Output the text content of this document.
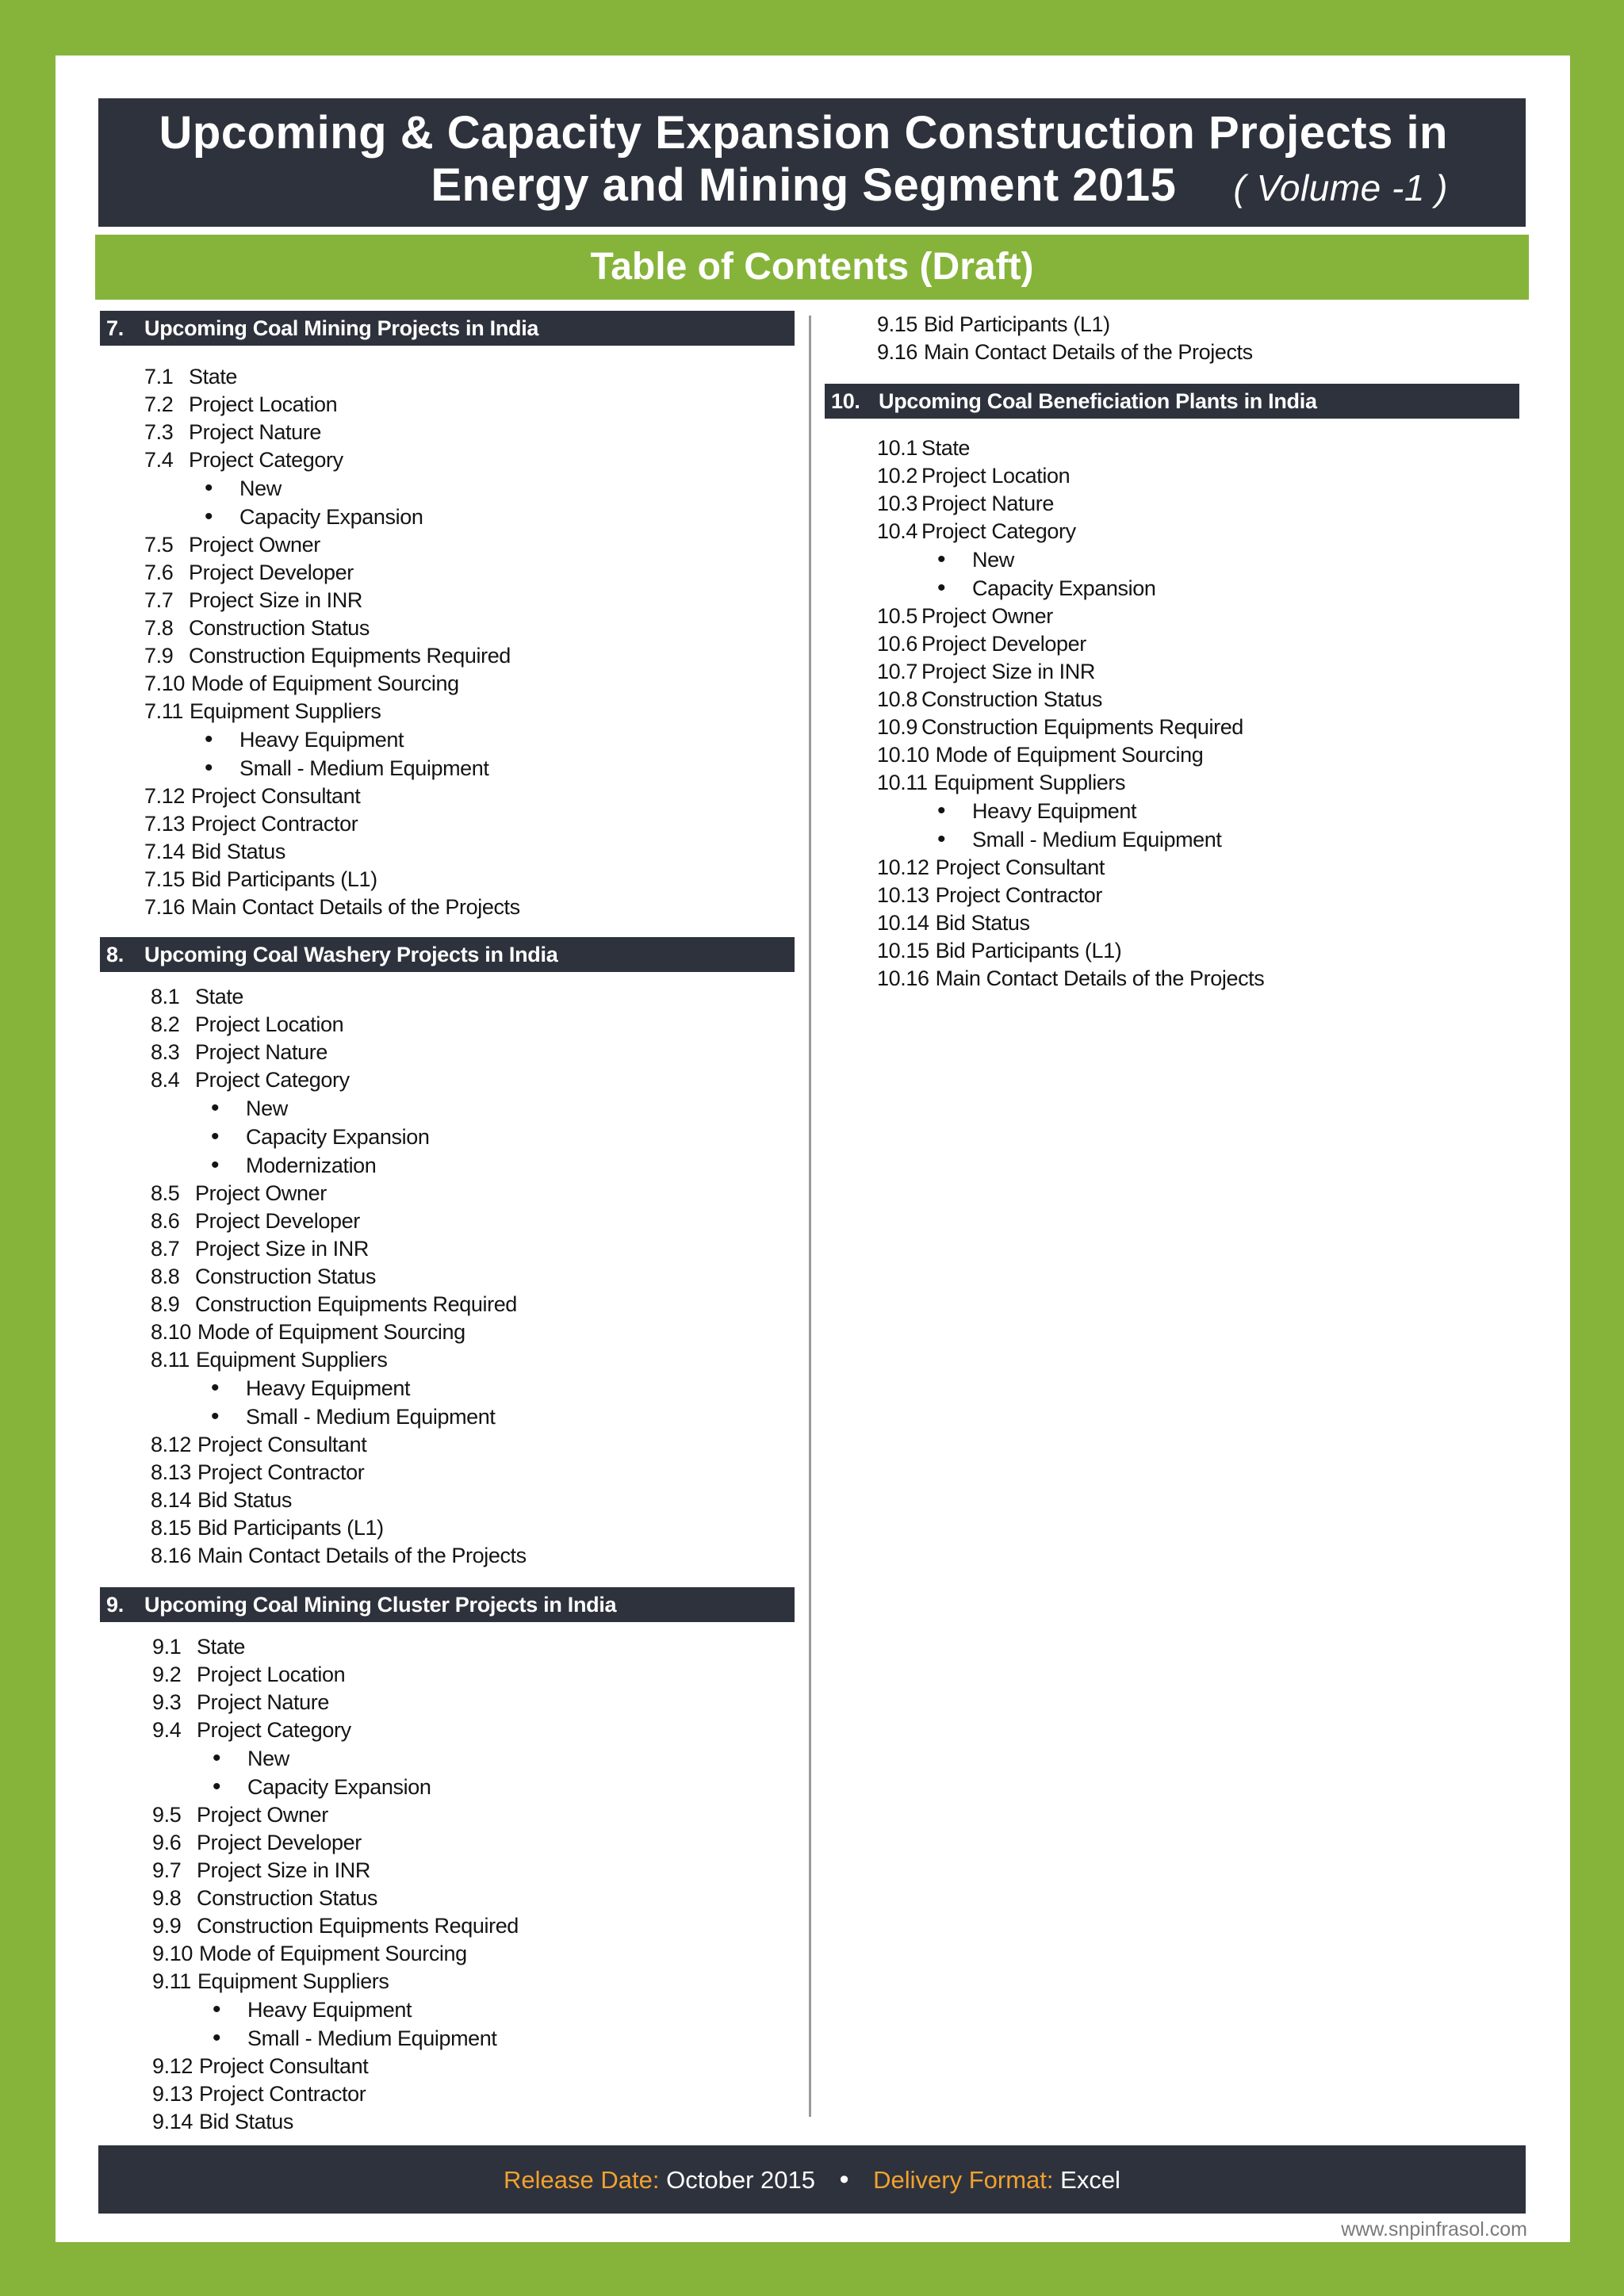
Upcoming & Capacity Expansion Construction Projects in
Energy and Mining Segment 2015 ( Volume -1 )
Table of Contents (Draft)
7. Upcoming Coal Mining Projects in India
7.1 State
7.2 Project Location
7.3 Project Nature
7.4 Project Category
• New
• Capacity Expansion
7.5 Project Owner
7.6 Project Developer
7.7 Project Size in INR
7.8 Construction Status
7.9 Construction Equipments Required
7.10 Mode of Equipment Sourcing
7.11 Equipment Suppliers
• Heavy Equipment
• Small - Medium Equipment
7.12 Project Consultant
7.13 Project Contractor
7.14 Bid Status
7.15 Bid Participants (L1)
7.16 Main Contact Details of the Projects
8. Upcoming Coal Washery Projects in India
8.1 State
8.2 Project Location
8.3 Project Nature
8.4 Project Category
• New
• Capacity Expansion
• Modernization
8.5 Project Owner
8.6 Project Developer
8.7 Project Size in INR
8.8 Construction Status
8.9 Construction Equipments Required
8.10 Mode of Equipment Sourcing
8.11 Equipment Suppliers
• Heavy Equipment
• Small - Medium Equipment
8.12 Project Consultant
8.13 Project Contractor
8.14 Bid Status
8.15 Bid Participants (L1)
8.16 Main Contact Details of the Projects
9. Upcoming Coal Mining Cluster Projects in India
9.1 State
9.2 Project Location
9.3 Project Nature
9.4 Project Category
• New
• Capacity Expansion
9.5 Project Owner
9.6 Project Developer
9.7 Project Size in INR
9.8 Construction Status
9.9 Construction Equipments Required
9.10 Mode of Equipment Sourcing
9.11 Equipment Suppliers
• Heavy Equipment
• Small - Medium Equipment
9.12 Project Consultant
9.13 Project Contractor
9.14 Bid Status
9.15 Bid Participants (L1)
9.16 Main Contact Details of the Projects
10. Upcoming Coal Beneficiation Plants in India
10.1 State
10.2 Project Location
10.3 Project Nature
10.4 Project Category
• New
• Capacity Expansion
10.5 Project Owner
10.6 Project Developer
10.7 Project Size in INR
10.8 Construction Status
10.9 Construction Equipments Required
10.10 Mode of Equipment Sourcing
10.11 Equipment Suppliers
• Heavy Equipment
• Small - Medium Equipment
10.12 Project Consultant
10.13 Project Contractor
10.14 Bid Status
10.15 Bid Participants (L1)
10.16 Main Contact Details of the Projects
Release Date: October 2015 • Delivery Format: Excel
www.snpinfrasol.com
